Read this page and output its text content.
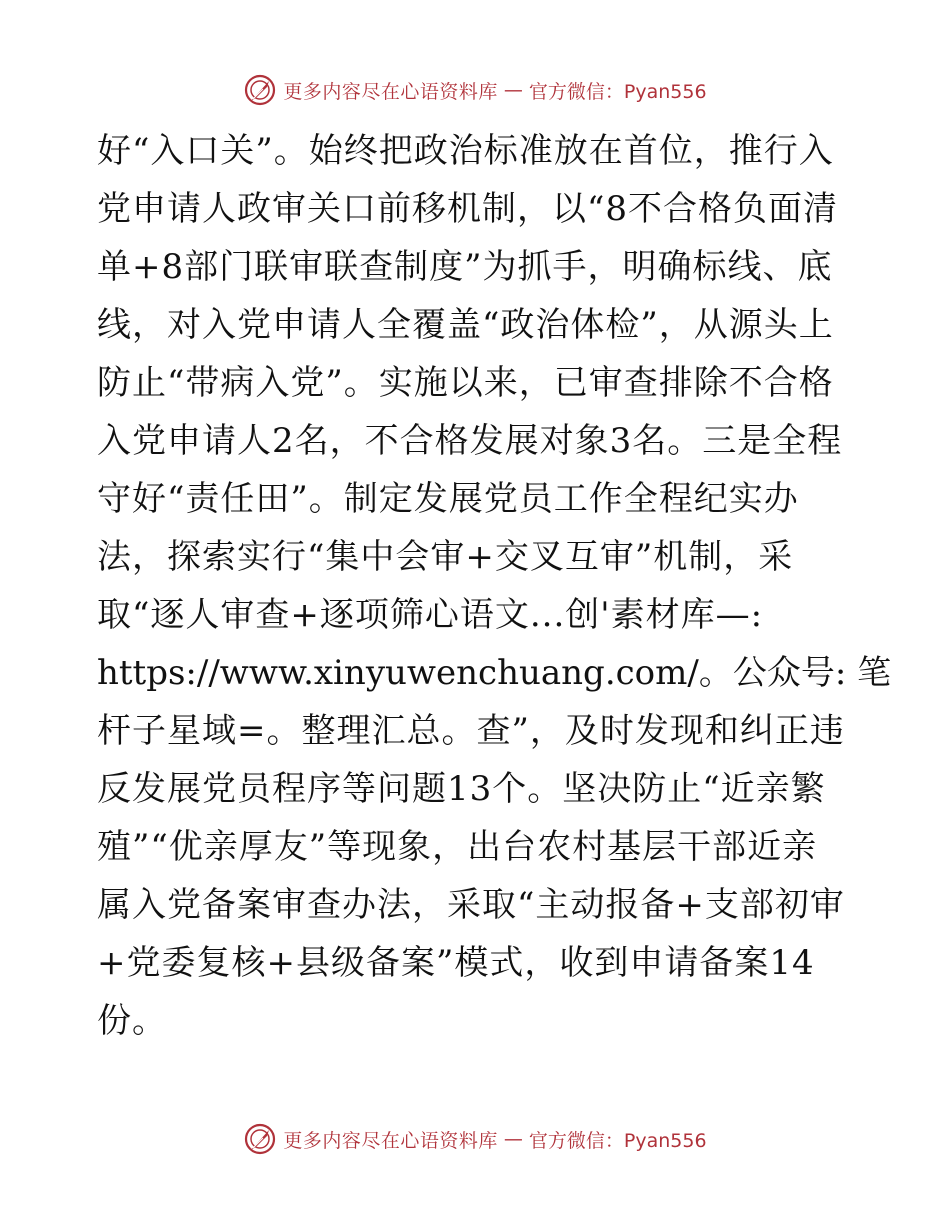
更多内容尽在心语资料库 — 官方微信：Pyan556
好“入口关”。始终把政治标准放在首位，推行入
党申请人政审关口前移机制，以“8不合格负面清
单+8部门联审联查制度”为抓手，明确标线、底
线，对入党申请人全覆盖“政治体检”，从源头上
防止“带病入党”。实施以来，已审查排除不合格
入党申请人2名，不合格发展对象3名。三是全程
守好“责任田”。制定发展党员工作全程纪实办
法，探索实行“集中会审+交叉互审”机制，采
取“逐人审查+逐项筛心语文...创'素材库—:
https://www.xinyuwenchuang.com/。公众号: 笔
杆子星域=。整理汇总。查”，及时发现和纠正违
反发展党员程序等问题13个。坚决防止“近亲繁
殖”“优亲厚友”等现象，出台农村基层干部近亲
属入党备案审查办法，采取“主动报备+支部初审
+党委复核+县级备案”模式，收到申请备案14
份。
更多内容尽在心语资料库 — 官方微信：Pyan556
